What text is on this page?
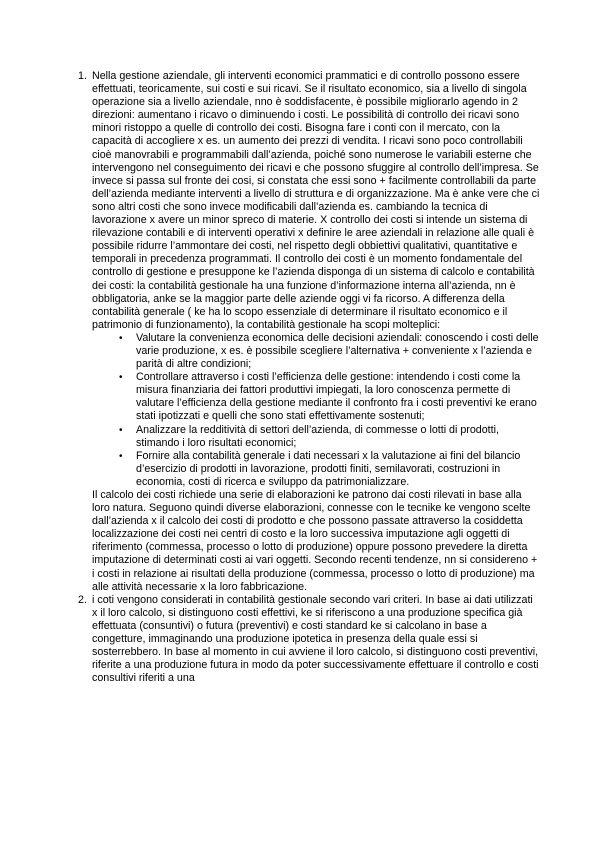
1. Nella gestione aziendale, gli interventi economici prammatici e di controllo possono essere effettuati, teoricamente, sui costi e sui ricavi. Se il risultato economico, sia a livello di singola operazione sia a livello aziendale, nno è soddisfacente, è possibile migliorarlo agendo in 2 direzioni: aumentano i ricavo o diminuendo i costi. Le possibilità di controllo dei ricavi sono minori ristoppo a quelle di controllo dei costi. Bisogna fare i conti con il mercato, con la capacità di accogliere x es. un aumento dei prezzi di vendita. I ricavi sono poco controllabili cioè manovrabili e programmabili dall’azienda, poiché sono numerose le variabili esterne che intervengono nel conseguimento dei ricavi e che possono sfuggire al controllo dell’impresa. Se invece si passa sul fronte dei cosi, si constata che essi sono + facilmente controllabili da parte dell’azienda mediante interventi a livello di struttura e di organizzazione. Ma è anke vere che ci sono altri costi che sono invece modificabili dall’azienda es. cambiando la tecnica di lavorazione x avere un minor spreco di materie. X controllo dei costi si intende un sistema di rilevazione contabili e di interventi operativi x definire le aree aziendali in relazione alle quali è possibile ridurre l’ammontare dei costi, nel rispetto degli obbiettivi qualitativi, quantitative e temporali in precedenza programmati. Il controllo dei costi è un momento fondamentale del controllo di gestione e presuppone ke l’azienda disponga di un sistema di calcolo e contabilità dei costi: la contabilità gestionale ha una funzione d’informazione interna all’azienda, nn è obbligatoria, anke se la maggior parte delle aziende oggi vi fa ricorso. A differenza della contabilità generale ( ke ha lo scopo essenziale di determinare il risultato economico e il patrimonio di funzionamento), la contabilità gestionale ha scopi molteplici:

• Valutare la convenienza economica delle decisioni aziendali: conoscendo i costi delle varie produzione, x es. è possibile scegliere l’alternativa + conveniente x l’azienda e parità di altre condizioni;
• Controllare attraverso i costi l’efficienza delle gestione: intendendo i costi come la misura finanziaria dei fattori produttivi impiegati, la loro conoscenza permette di valutare l’efficienza della gestione mediante il confronto fra i costi preventivi ke erano stati ipotizzati e quelli che sono stati effettivamente sostenuti;
• Analizzare la redditività di settori dell’azienda, di commesse o lotti di prodotti, stimando i loro risultati economici;
• Fornire alla contabilità generale i dati necessari x la valutazione ai fini del bilancio d’esercizio di prodotti in lavorazione, prodotti finiti, semilavorati, costruzioni in economia, costi di ricerca e sviluppo da patrimonializzare.

Il calcolo dei costi richiede una serie di elaborazioni ke patrono dai costi rilevati in base alla loro natura. Seguono quindi diverse elaborazioni, connesse con le tecnike ke vengono scelte dall’azienda x il calcolo dei costi di prodotto e che possono passate attraverso la cosiddetta localizzazione dei costi nei centri di costo e la loro successiva imputazione agli oggetti di riferimento (commessa, processo o lotto di produzione) oppure possono prevedere la diretta imputazione di determinati costi ai vari oggetti. Secondo recenti tendenze, nn si considereno + i costi in relazione ai risultati della produzione (commessa, processo o lotto di produzione) ma alle attività necessarie x la loro fabbricazione.

2. i coti vengono considerati in contabilità gestionale secondo vari criteri. In base ai dati utilizzati x il loro calcolo, si distinguono costi effettivi, ke si riferiscono a una produzione specifica già effettuata (consuntivi) o futura (preventivi) e costi standard ke si calcolano in base a congetture, immaginando una produzione ipotetica in presenza della quale essi si sosterrebbero. In base al momento in cui avviene il loro calcolo, si distinguono costi preventivi, riferite a una produzione futura in modo da poter successivamente effettuare il controllo e costi consultivi riferiti a una
